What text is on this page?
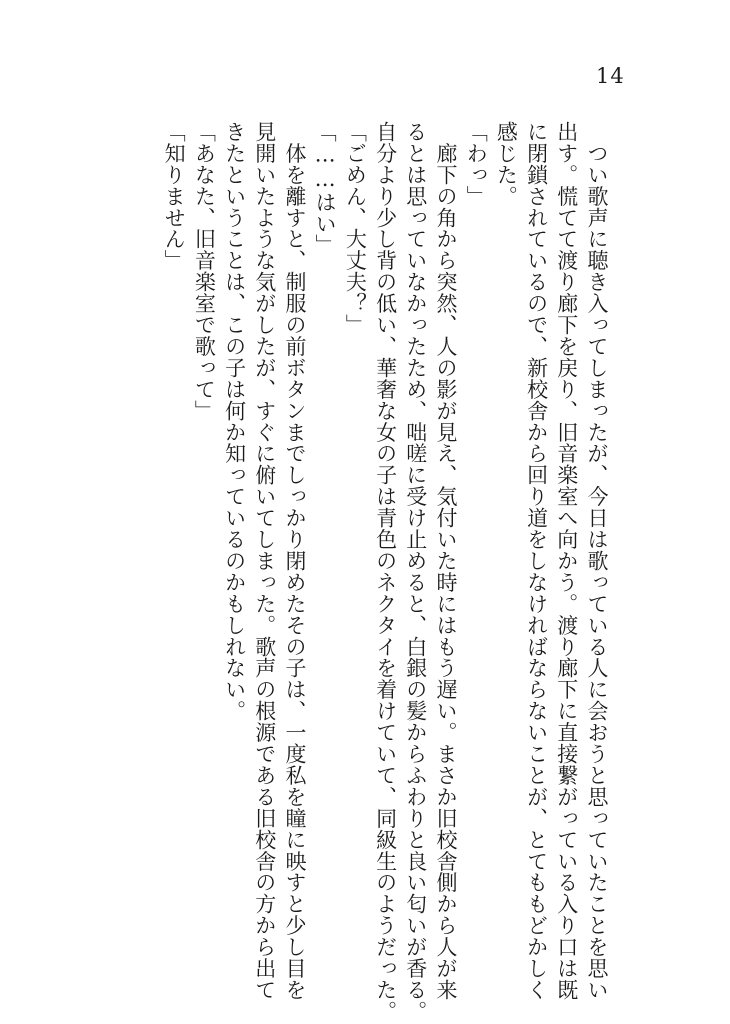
14
つい歌声に聴き入ってしまったが、今日は歌っている人に会おうと思っていたことを思い
出す。慌てて渡り廊下を戻り、旧音楽室へ向かう。渡り廊下に直接繋がっている入り口は既
に閉鎖されているので、新校舎から回り道をしなければならないことが、とてももどかしく
感じた。
「わっ」
廊下の角から突然、人の影が見え、気付いた時にはもう遅い。まさか旧校舎側から人が来
るとは思っていなかったため、咄嗟に受け止めると、白銀の髪からふわりと良い匂いが香る。
自分より少し背の低い、華奢な女の子は青色のネクタイを着けていて、同級生のようだった。
「ごめん、大丈夫？」
「……はい」
体を離すと、制服の前ボタンまでしっかり閉めたその子は、一度私を瞳に映すと少し目を
見開いたような気がしたが、すぐに俯いてしまった。歌声の根源である旧校舎の方から出て
きたということは、この子は何か知っているのかもしれない。
「あなた、旧音楽室で歌って」
「知りません」
